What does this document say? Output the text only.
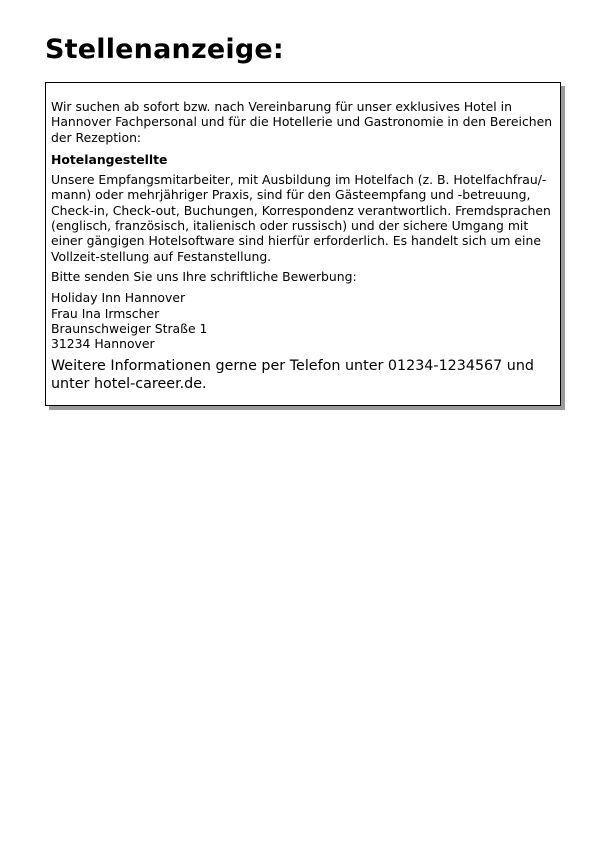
Stellenanzeige:

Wir suchen ab sofort bzw. nach Vereinbarung für unser exklusives Hotel in Hannover Fachpersonal und für die Hotellerie und Gastronomie in den Bereichen der Rezeption:

Hotelangestellte

Unsere Empfangsmitarbeiter, mit Ausbildung im Hotelfach (z. B. Hotelfachfrau/-mann) oder mehrjähriger Praxis, sind für den Gästeempfang und -betreuung, Check-in, Check-out, Buchungen, Korrespondenz verantwortlich. Fremdsprachen (englisch, französisch, italienisch oder russisch) und der sichere Umgang mit einer gängigen Hotelsoftware sind hierfür erforderlich. Es handelt sich um eine Vollzeit-stellung auf Festanstellung.

Bitte senden Sie uns Ihre schriftliche Bewerbung:

Holiday Inn Hannover
Frau Ina Irmscher
Braunschweiger Straße 1
31234 Hannover

Weitere Informationen gerne per Telefon unter 01234-1234567 und unter hotel-career.de.
